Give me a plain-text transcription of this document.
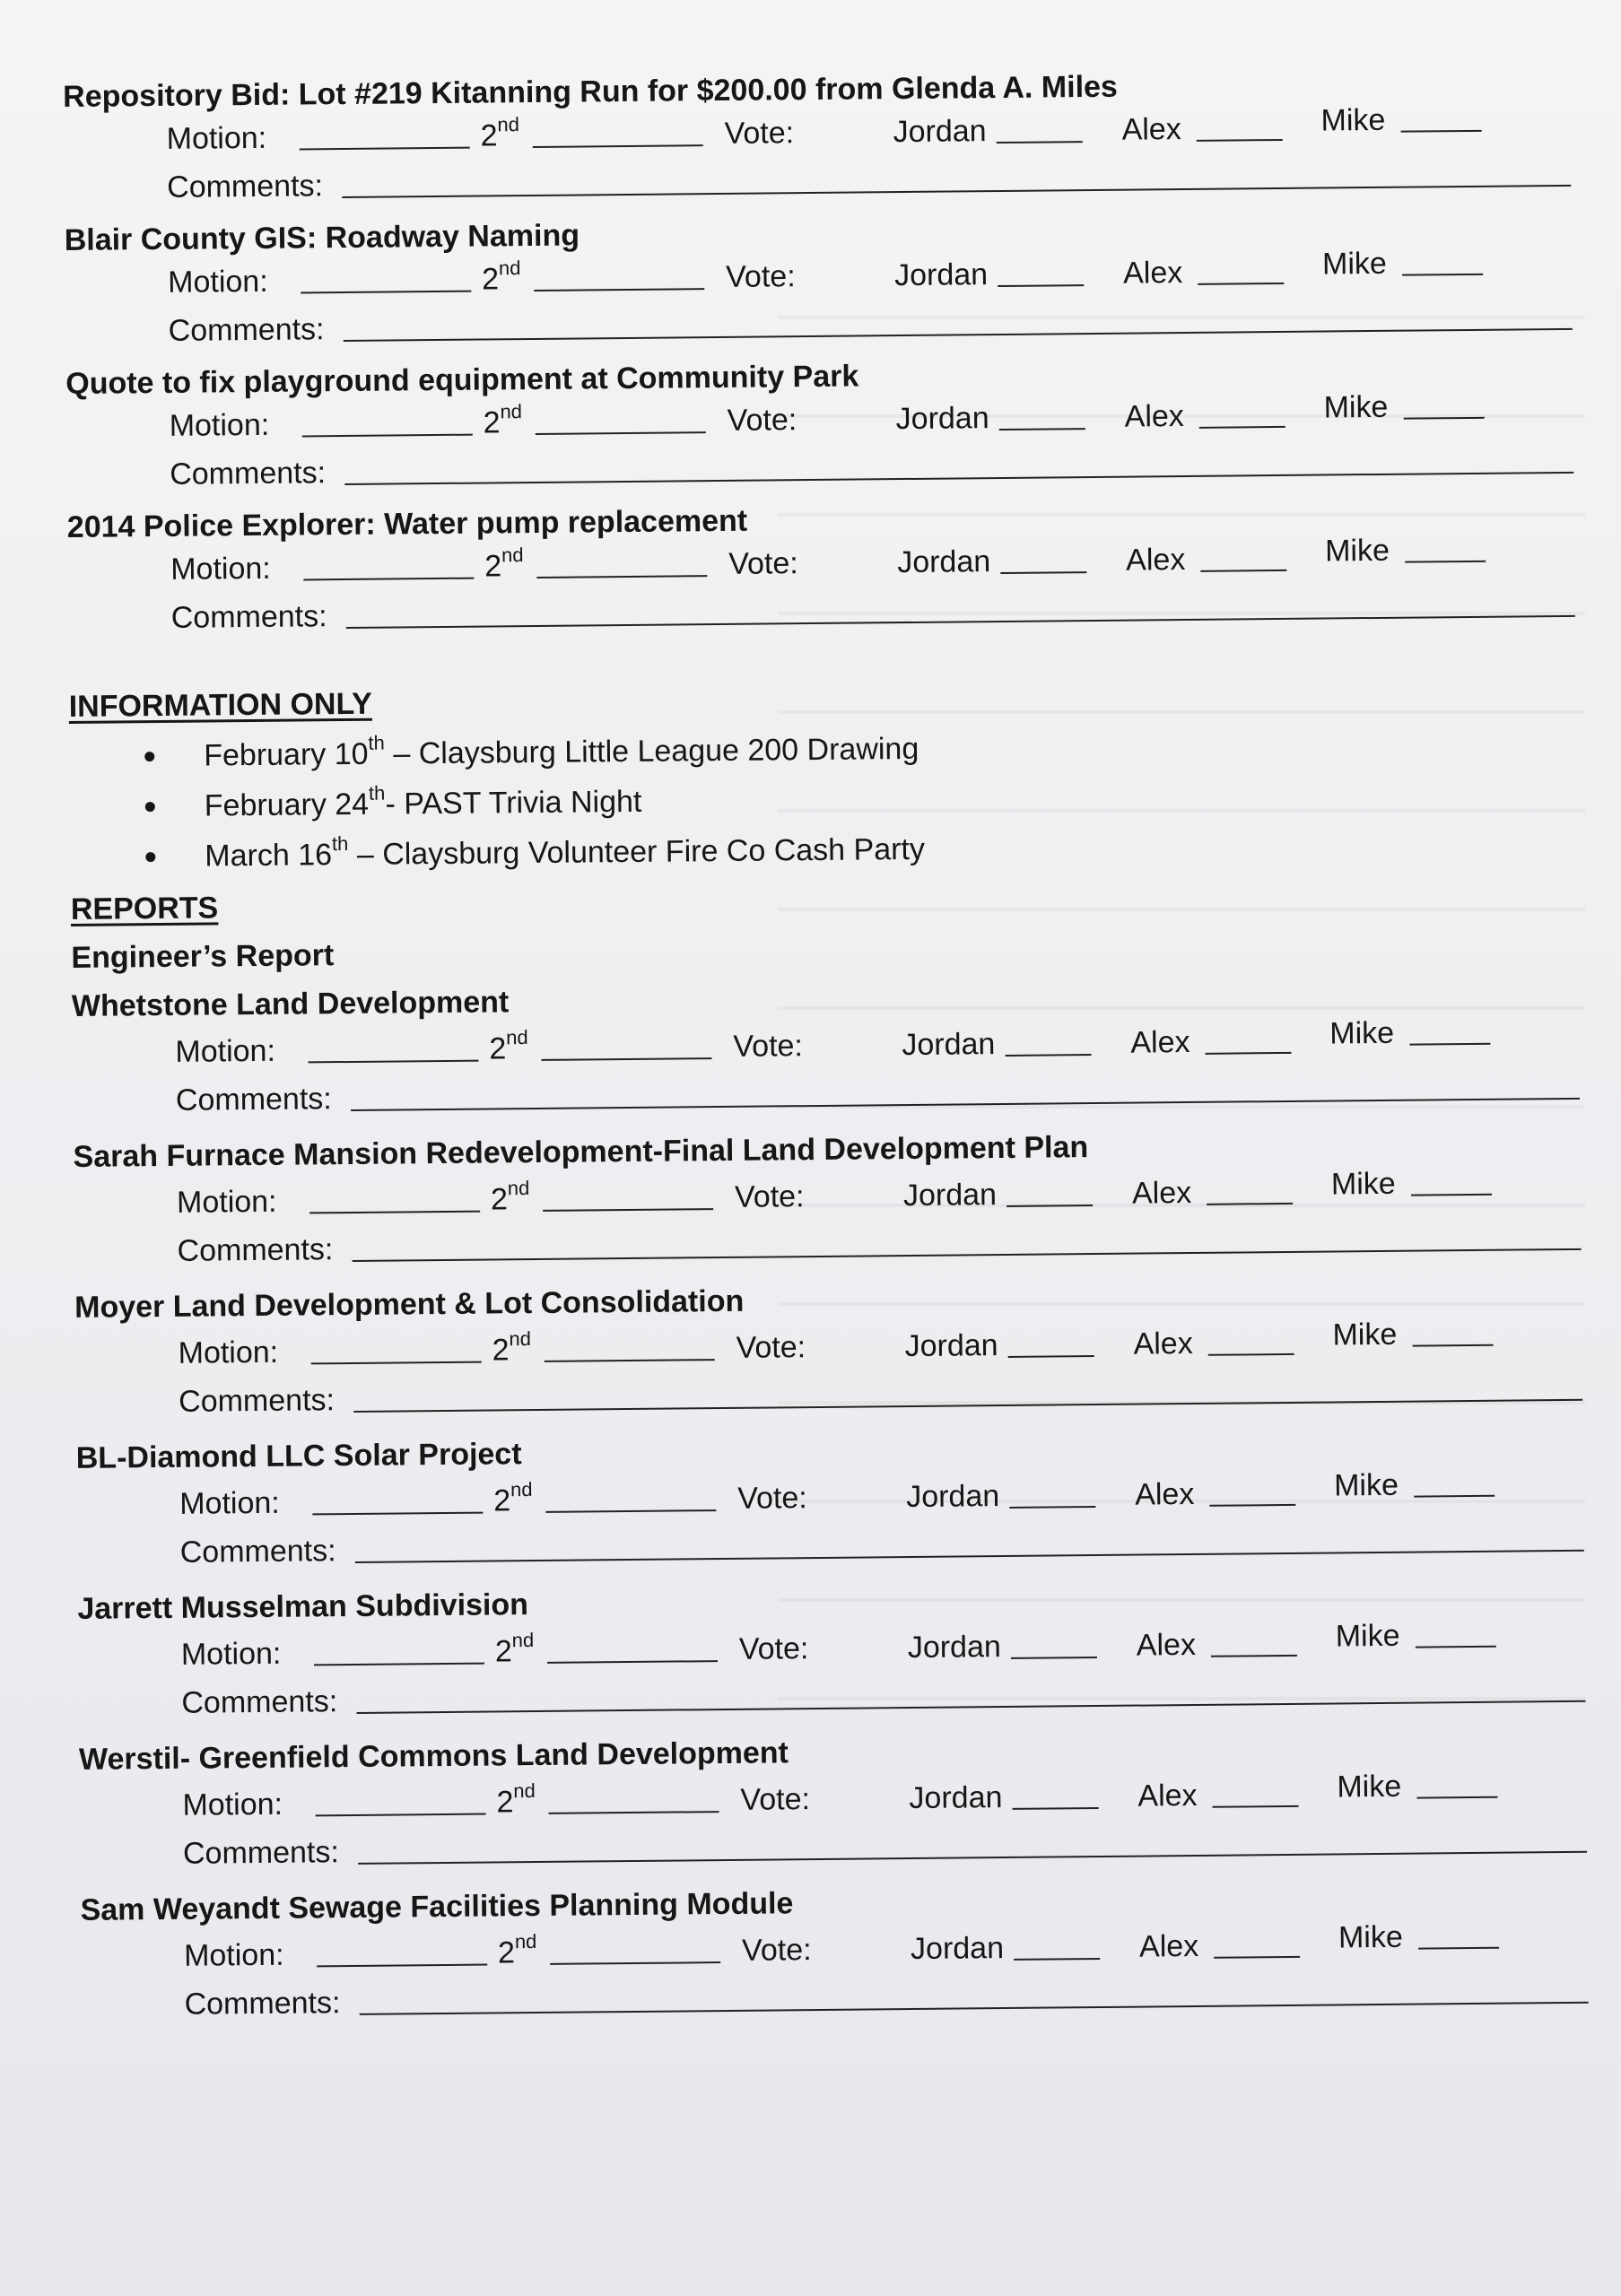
Repository Bid: Lot #219 Kitanning Run for $200.00 from Glenda A. Miles
Motion:	2nd	Vote:	Jordan	Alex	Mike
Comments:
Blair County GIS: Roadway Naming
Motion:	2nd	Vote:	Jordan	Alex	Mike
Comments:
Quote to fix playground equipment at Community Park
Motion:	2nd	Vote:	Jordan	Alex	Mike
Comments:
2014 Police Explorer: Water pump replacement
Motion:	2nd	Vote:	Jordan	Alex	Mike
Comments:
INFORMATION ONLY
February 10th – Claysburg Little League 200 Drawing
February 24th- PAST Trivia Night
March 16th – Claysburg Volunteer Fire Co Cash Party
REPORTS
Engineer’s Report
Whetstone Land Development
Motion:	2nd	Vote:	Jordan	Alex	Mike
Comments:
Sarah Furnace Mansion Redevelopment-Final Land Development Plan
Motion:	2nd	Vote:	Jordan	Alex	Mike
Comments:
Moyer Land Development & Lot Consolidation
Motion:	2nd	Vote:	Jordan	Alex	Mike
Comments:
BL-Diamond LLC Solar Project
Motion:	2nd	Vote:	Jordan	Alex	Mike
Comments:
Jarrett Musselman Subdivision
Motion:	2nd	Vote:	Jordan	Alex	Mike
Comments:
Werstil- Greenfield Commons Land Development
Motion:	2nd	Vote:	Jordan	Alex	Mike
Comments:
Sam Weyandt Sewage Facilities Planning Module
Motion:	2nd	Vote:	Jordan	Alex	Mike
Comments:
